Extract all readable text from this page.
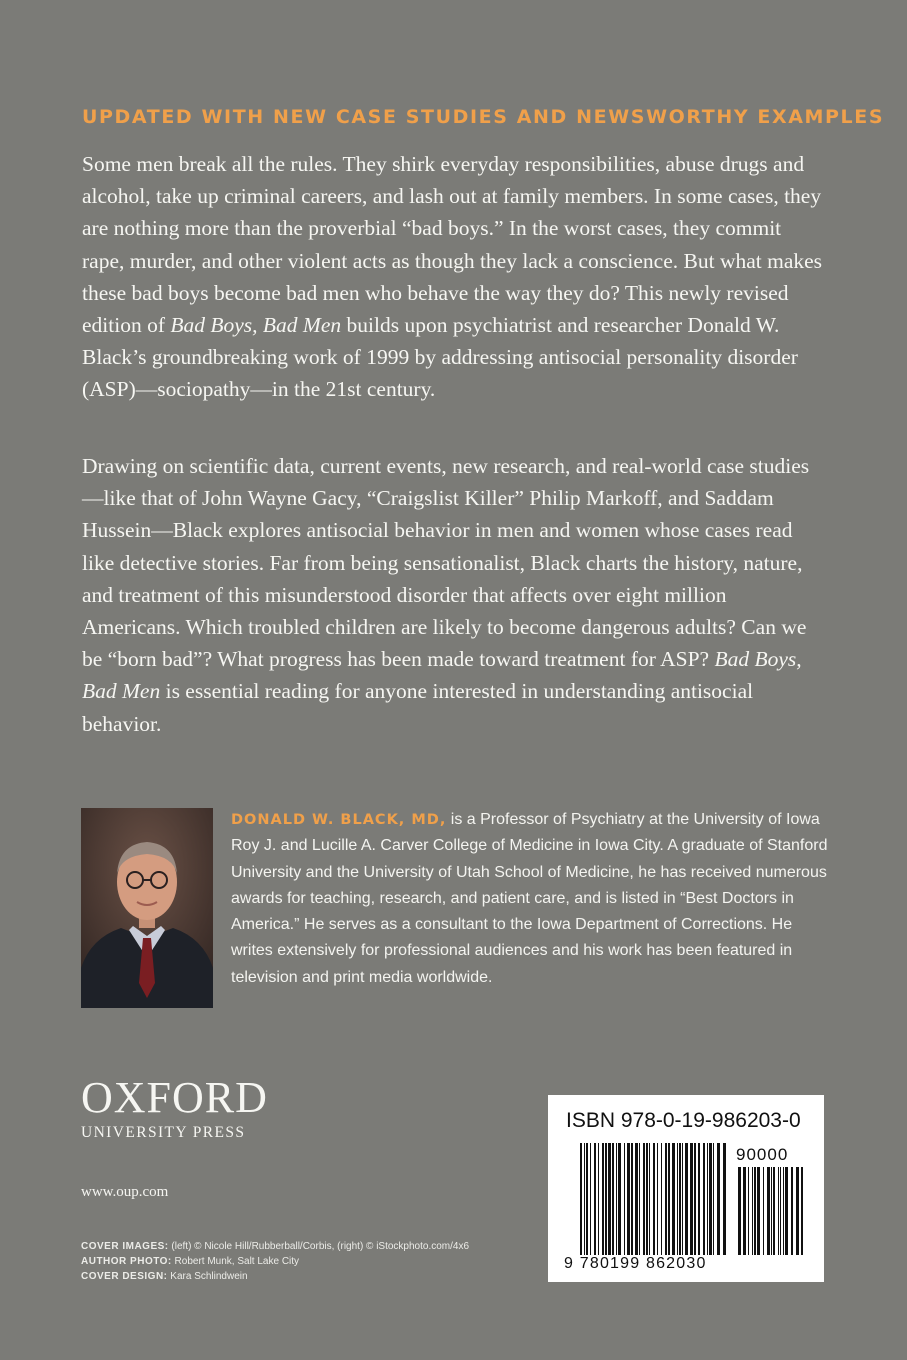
UPDATED WITH NEW CASE STUDIES AND NEWSWORTHY EXAMPLES

Some men break all the rules. They shirk everyday responsibilities, abuse drugs and alcohol, take up criminal careers, and lash out at family members. In some cases, they are nothing more than the proverbial “bad boys.” In the worst cases, they commit rape, murder, and other violent acts as though they lack a conscience. But what makes these bad boys become bad men who behave the way they do? This newly revised edition of Bad Boys, Bad Men builds upon psychiatrist and researcher Donald W. Black’s groundbreaking work of 1999 by addressing antisocial personality disorder (ASP)—sociopathy—in the 21st century.

Drawing on scientific data, current events, new research, and real-world case studies—like that of John Wayne Gacy, “Craigslist Killer” Philip Markoff, and Saddam Hussein—Black explores antisocial behavior in men and women whose cases read like detective stories. Far from being sensationalist, Black charts the history, nature, and treatment of this misunderstood disorder that affects over eight million Americans. Which troubled children are likely to become dangerous adults? Can we be “born bad”? What progress has been made toward treatment for ASP? Bad Boys, Bad Men is essential reading for anyone interested in understanding antisocial behavior.

DONALD W. BLACK, MD, is a Professor of Psychiatry at the University of Iowa Roy J. and Lucille A. Carver College of Medicine in Iowa City. A graduate of Stanford University and the University of Utah School of Medicine, he has received numerous awards for teaching, research, and patient care, and is listed in “Best Doctors in America.” He serves as a consultant to the Iowa Department of Corrections. He writes extensively for professional audiences and his work has been featured in television and print media worldwide.

OXFORD
UNIVERSITY PRESS
www.oup.com
COVER IMAGES: (left) © Nicole Hill/Rubberball/Corbis, (right) © iStockphoto.com/4x6
AUTHOR PHOTO: Robert Munk, Salt Lake City
COVER DESIGN: Kara Schlindwein
ISBN 978-0-19-986203-0
90000
9 780199 862030
